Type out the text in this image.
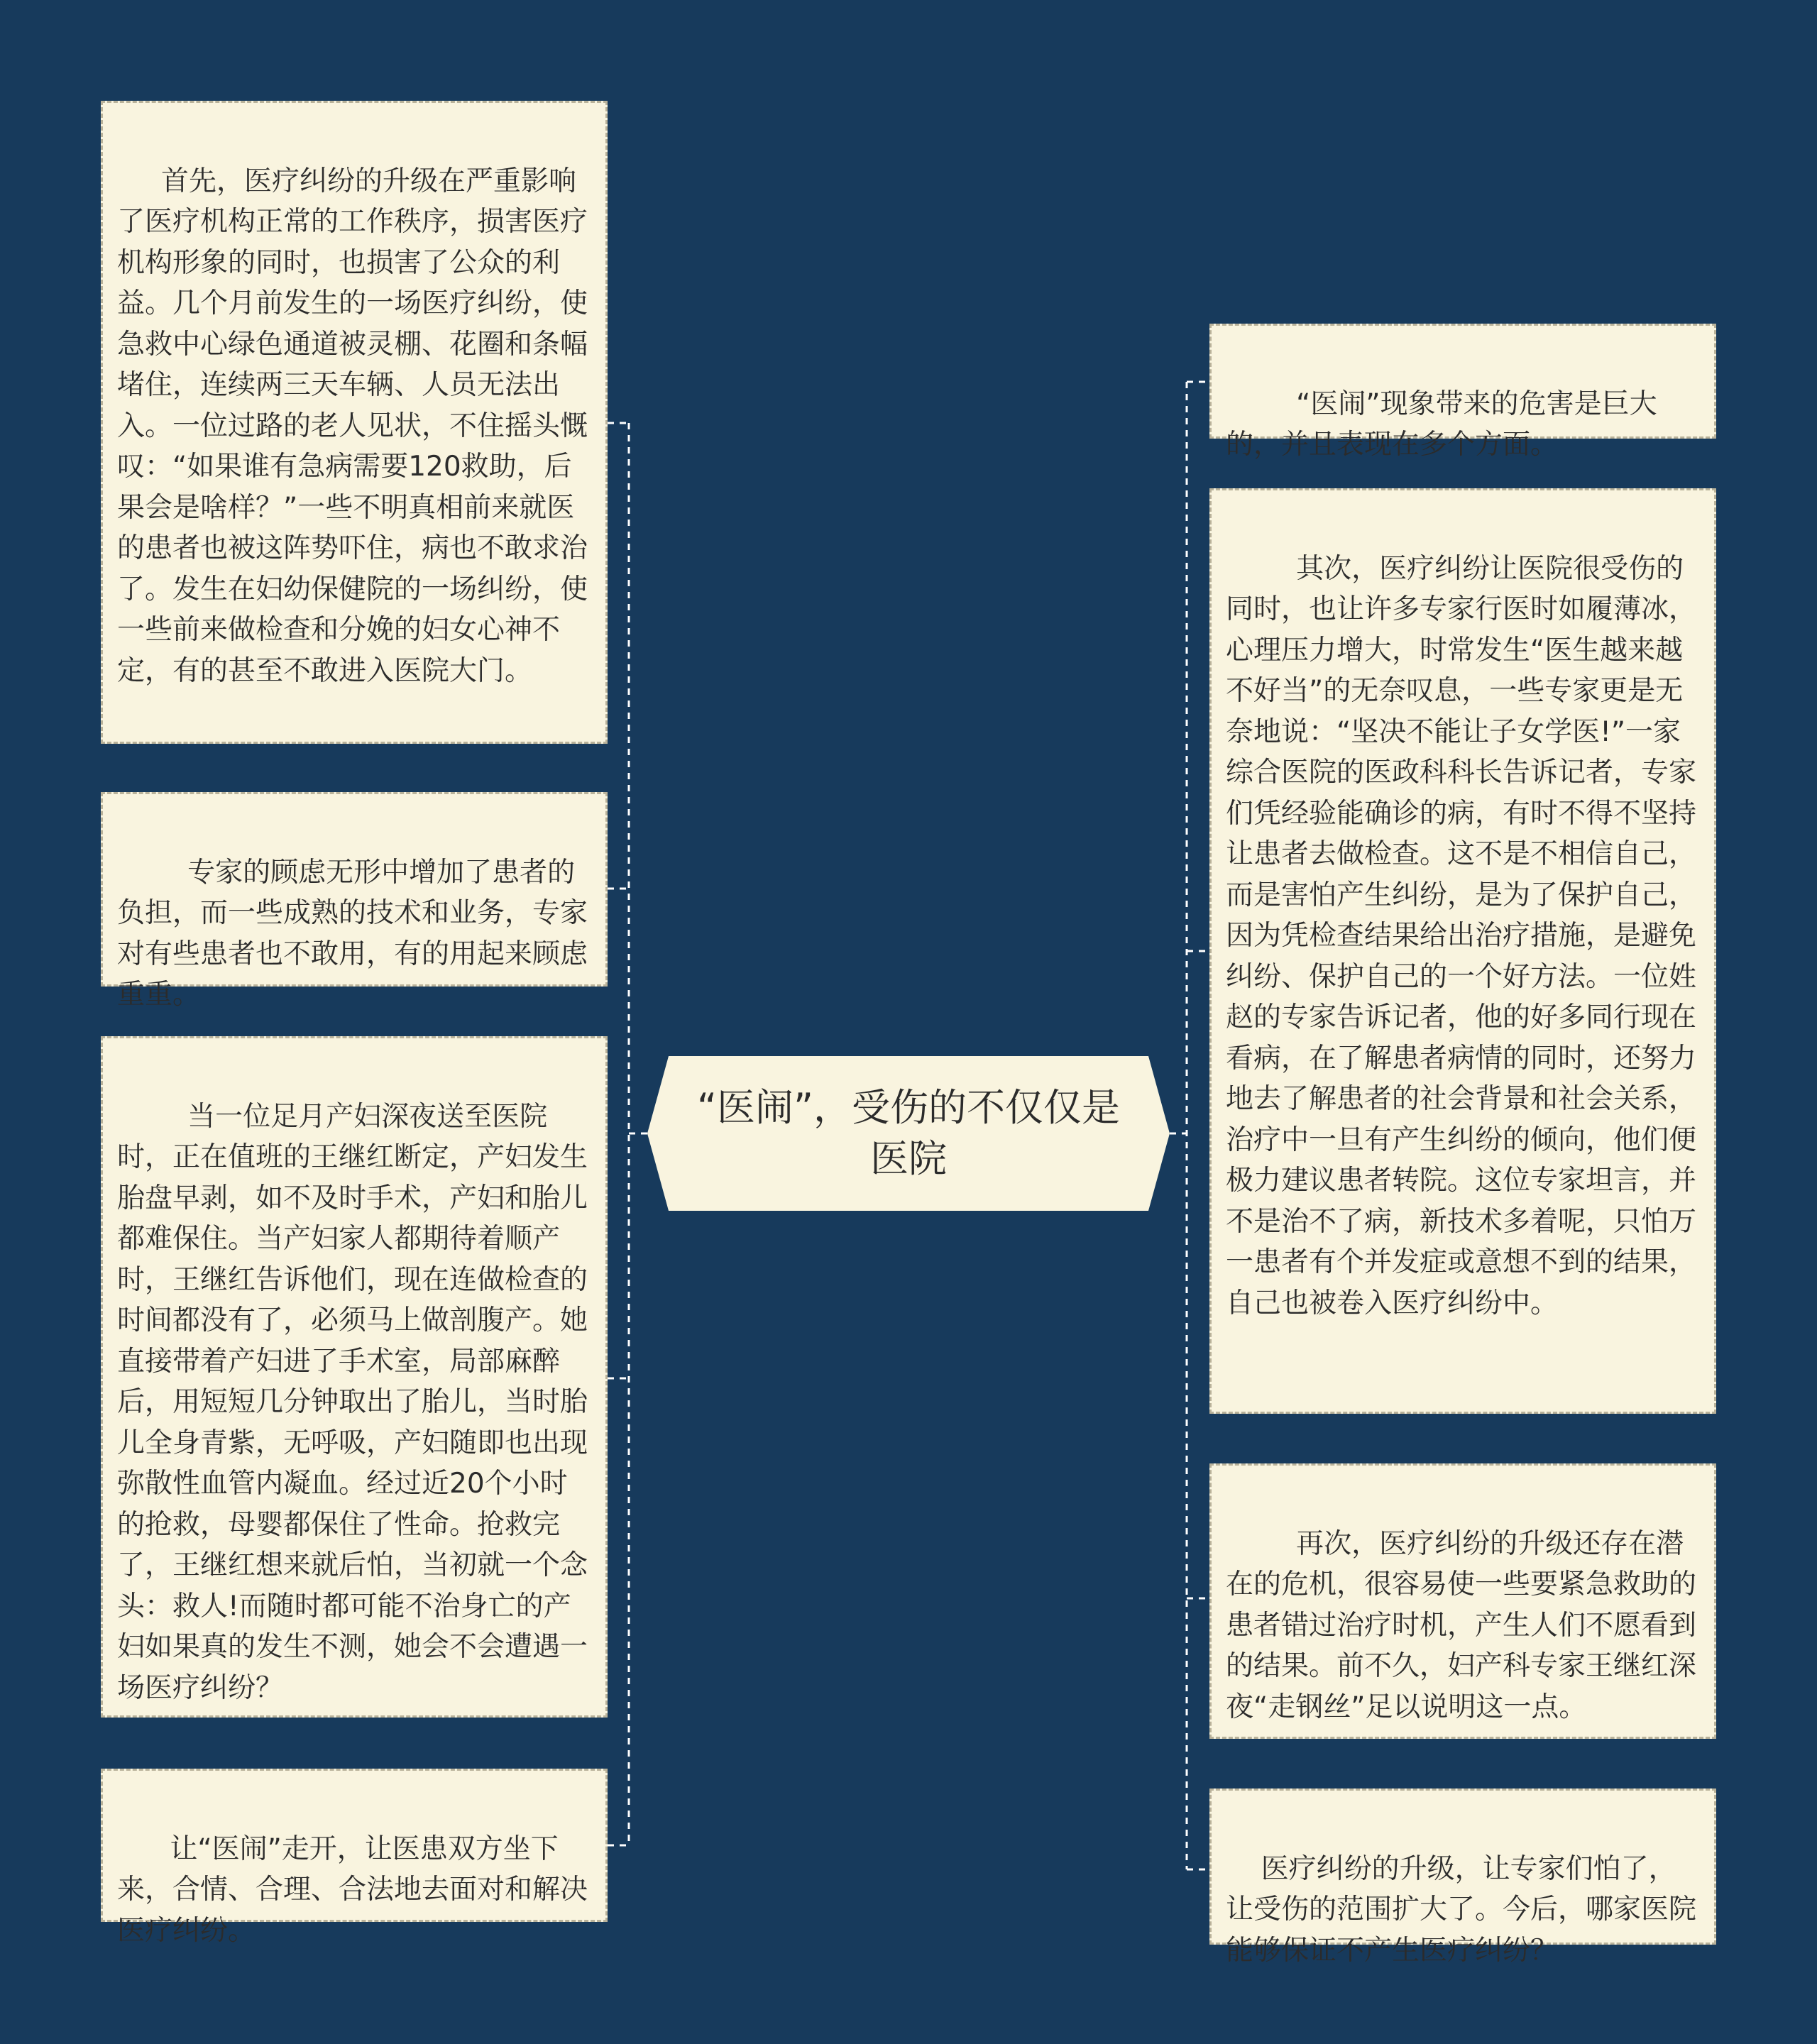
首先，医疗纠纷的升级在严重影响了医疗机构正常的工作秩序，损害医疗机构形象的同时，也损害了公众的利益。几个月前发生的一场医疗纠纷，使急救中心绿色通道被灵棚、花圈和条幅堵住，连续两三天车辆、人员无法出入。一位过路的老人见状，不住摇头慨叹：“如果谁有急病需要120救助，后果会是啥样？”一些不明真相前来就医的患者也被这阵势吓住，病也不敢求治了。发生在妇幼保健院的一场纠纷，使一些前来做检查和分娩的妇女心神不定，有的甚至不敢进入医院大门。

专家的顾虑无形中增加了患者的负担，而一些成熟的技术和业务，专家对有些患者也不敢用，有的用起来顾虑重重。

当一位足月产妇深夜送至医院时，正在值班的王继红断定，产妇发生胎盘早剥，如不及时手术，产妇和胎儿都难保住。当产妇家人都期待着顺产时，王继红告诉他们，现在连做检查的时间都没有了，必须马上做剖腹产。她直接带着产妇进了手术室，局部麻醉后，用短短几分钟取出了胎儿，当时胎儿全身青紫，无呼吸，产妇随即也出现弥散性血管内凝血。经过近20个小时的抢救，母婴都保住了性命。抢救完了，王继红想来就后怕，当初就一个念头：救人!而随时都可能不治身亡的产妇如果真的发生不测，她会不会遭遇一场医疗纠纷？

让“医闹”走开，让医患双方坐下来，合情、合理、合法地去面对和解决医疗纠纷。

“医闹”，受伤的不仅仅是医院

“医闹”现象带来的危害是巨大的，并且表现在多个方面。

其次，医疗纠纷让医院很受伤的同时，也让许多专家行医时如履薄冰，心理压力增大，时常发生“医生越来越不好当”的无奈叹息，一些专家更是无奈地说：“坚决不能让子女学医!”一家综合医院的医政科科长告诉记者，专家们凭经验能确诊的病，有时不得不坚持让患者去做检查。这不是不相信自己，而是害怕产生纠纷，是为了保护自己，因为凭检查结果给出治疗措施，是避免纠纷、保护自己的一个好方法。一位姓赵的专家告诉记者，他的好多同行现在看病，在了解患者病情的同时，还努力地去了解患者的社会背景和社会关系，治疗中一旦有产生纠纷的倾向，他们便极力建议患者转院。这位专家坦言，并不是治不了病，新技术多着呢，只怕万一患者有个并发症或意想不到的结果，自己也被卷入医疗纠纷中。

再次，医疗纠纷的升级还存在潜在的危机，很容易使一些要紧急救助的患者错过治疗时机，产生人们不愿看到的结果。前不久，妇产科专家王继红深夜“走钢丝”足以说明这一点。

医疗纠纷的升级，让专家们怕了，让受伤的范围扩大了。今后，哪家医院能够保证不产生医疗纠纷？
